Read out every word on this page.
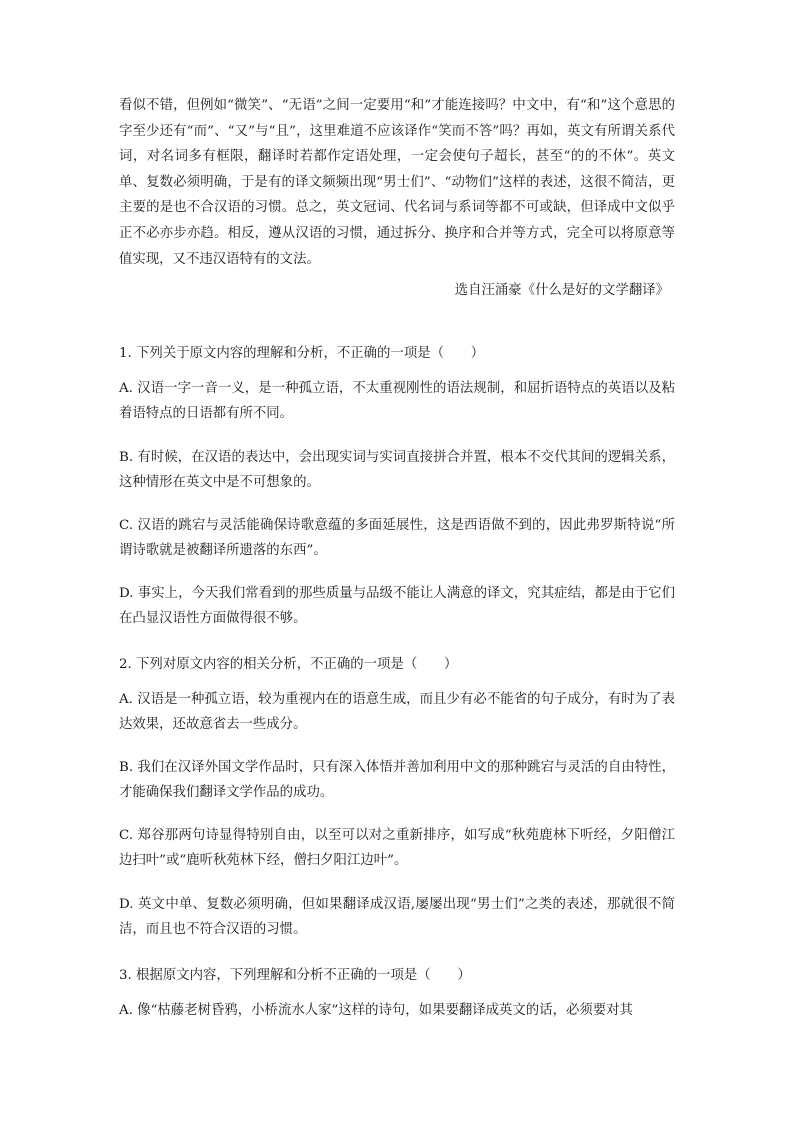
看似不错，但例如“微笑”、“无语”之间一定要用“和”才能连接吗？中文中，有“和”这个意思的字至少还有“而”、“又”与“且”，这里难道不应该译作“笑而不答”吗？再如，英文有所谓关系代词，对名词多有框限，翻译时若都作定语处理，一定会使句子超长，甚至“的的不休”。英文单、复数必须明确，于是有的译文频频出现“男士们”、“动物们”这样的表述，这很不简洁，更主要的是也不合汉语的习惯。总之，英文冠词、代名词与系词等都不可或缺，但译成中文似乎正不必亦步亦趋。相反，遵从汉语的习惯，通过拆分、换序和合并等方式，完全可以将原意等值实现，又不违汉语特有的文法。

选自汪涌豪《什么是好的文学翻译》

1. 下列关于原文内容的理解和分析，不正确的一项是（　　）

A. 汉语一字一音一义，是一种孤立语，不太重视刚性的语法规制，和屈折语特点的英语以及粘着语特点的日语都有所不同。

B. 有时候，在汉语的表达中，会出现实词与实词直接拼合并置，根本不交代其间的逻辑关系，这种情形在英文中是不可想象的。

C. 汉语的跳宕与灵活能确保诗歌意蕴的多面延展性，这是西语做不到的，因此弗罗斯特说“所谓诗歌就是被翻译所遗落的东西”。

D. 事实上，今天我们常看到的那些质量与品级不能让人满意的译文，究其症结，都是由于它们在凸显汉语性方面做得很不够。

2. 下列对原文内容的相关分析，不正确的一项是（　　）

A. 汉语是一种孤立语，较为重视内在的语意生成，而且少有必不能省的句子成分，有时为了表达效果，还故意省去一些成分。

B. 我们在汉译外国文学作品时，只有深入体悟并善加利用中文的那种跳宕与灵活的自由特性，才能确保我们翻译文学作品的成功。

C. 郑谷那两句诗显得特别自由，以至可以对之重新排序，如写成“秋苑鹿林下听经，夕阳僧江边扫叶”或“鹿听秋苑林下经，僧扫夕阳江边叶”。

D. 英文中单、复数必须明确，但如果翻译成汉语,屡屡出现“男士们”之类的表述，那就很不简洁，而且也不符合汉语的习惯。

3. 根据原文内容，下列理解和分析不正确的一项是（　　）

A. 像“枯藤老树昏鸦，小桥流水人家”这样的诗句，如果要翻译成英文的话，必须要对其
